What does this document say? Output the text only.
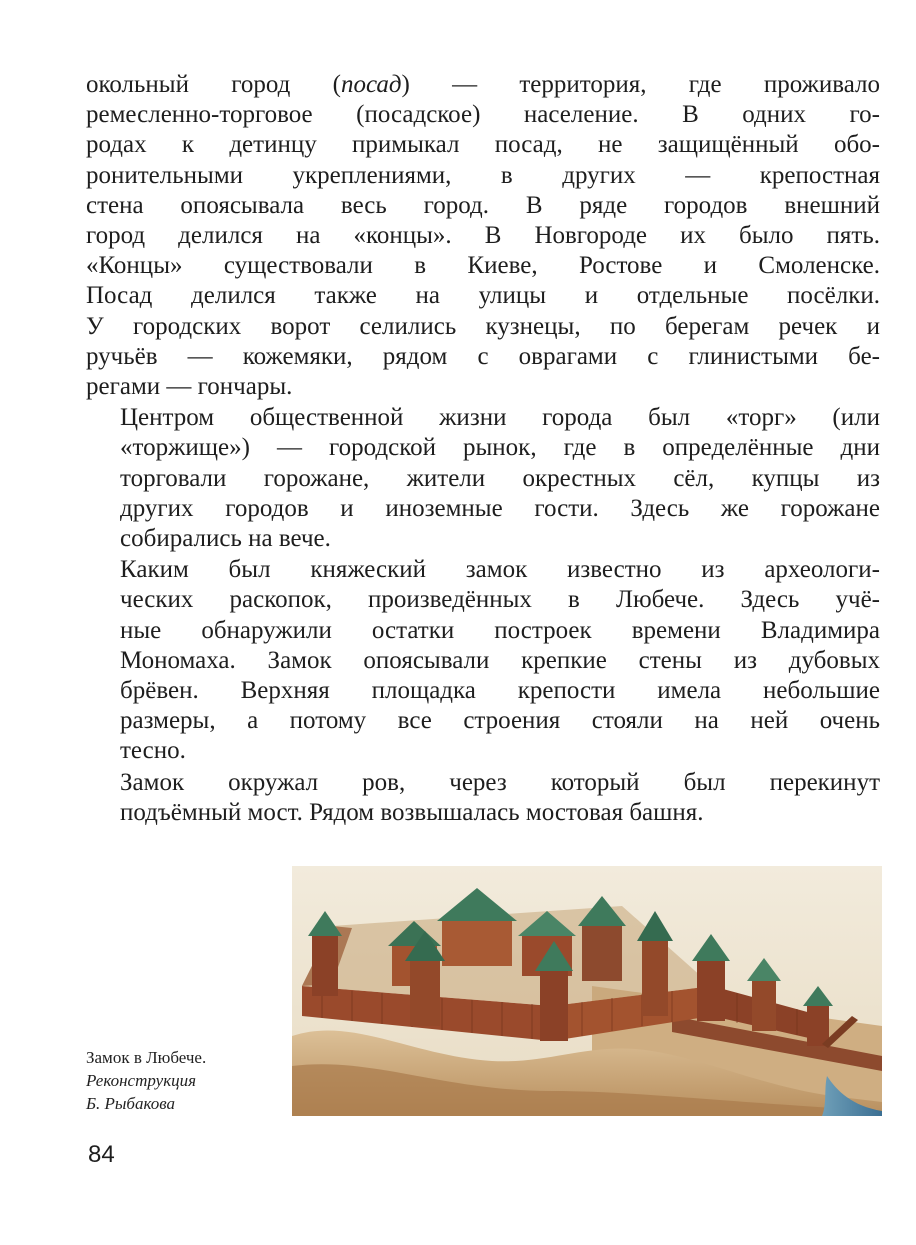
окольный город (посад) — территория, где проживало
ремесленно-торговое (посадское) население. В одних го-
родах к детинцу примыкал посад, не защищённый обо-
ронительными укреплениями, в других — крепостная
стена опоясывала весь город. В ряде городов внешний
город делился на «концы». В Новгороде их было пять.
«Концы» существовали в Киеве, Ростове и Смоленске.
Посад делился также на улицы и отдельные посёлки.
У городских ворот селились кузнецы, по берегам речек и
ручьёв — кожемяки, рядом с оврагами с глинистыми бе-
регами — гончары.

Центром общественной жизни города был «торг» (или
«торжище») — городской рынок, где в определённые дни
торговали горожане, жители окрестных сёл, купцы из
других городов и иноземные гости. Здесь же горожане
собирались на вече.

Каким был княжеский замок известно из археологи-
ческих раскопок, произведённых в Любече. Здесь учё-
ные обнаружили остатки построек времени Владимира
Мономаха. Замок опоясывали крепкие стены из дубовых
брёвен. Верхняя площадка крепости имела небольшие
размеры, а потому все строения стояли на ней очень
тесно.

Замок окружал ров, через который был перекинут
подъёмный мост. Рядом возвышалась мостовая башня.

Замок в Любече.
Реконструкция
Б. Рыбакова
84
